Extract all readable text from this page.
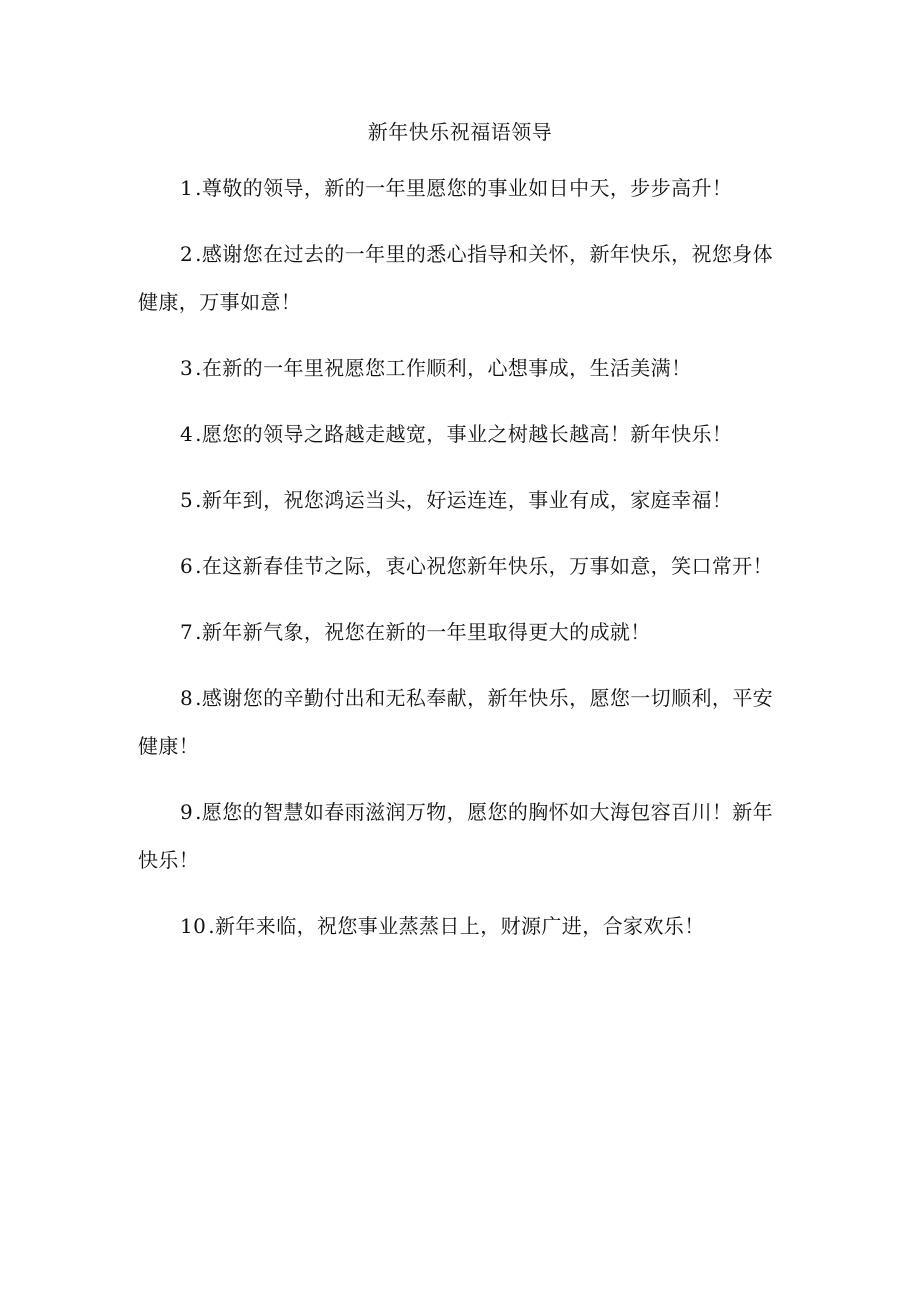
新年快乐祝福语领导

1 .尊敬的领导，新的一年里愿您的事业如日中天，步步高升！

2 .感谢您在过去的一年里的悉心指导和关怀，新年快乐，祝您身体健康，万事如意！

3 .在新的一年里祝愿您工作顺利，心想事成，生活美满！

4 .愿您的领导之路越走越宽，事业之树越长越高！新年快乐！

5 .新年到，祝您鸿运当头，好运连连，事业有成，家庭幸福！

6 .在这新春佳节之际，衷心祝您新年快乐，万事如意，笑口常开！

7 .新年新气象，祝您在新的一年里取得更大的成就！

8 .感谢您的辛勤付出和无私奉献，新年快乐，愿您一切顺利，平安健康！

9 .愿您的智慧如春雨滋润万物，愿您的胸怀如大海包容百川！新年快乐！

10 .新年来临，祝您事业蒸蒸日上，财源广进，合家欢乐！
